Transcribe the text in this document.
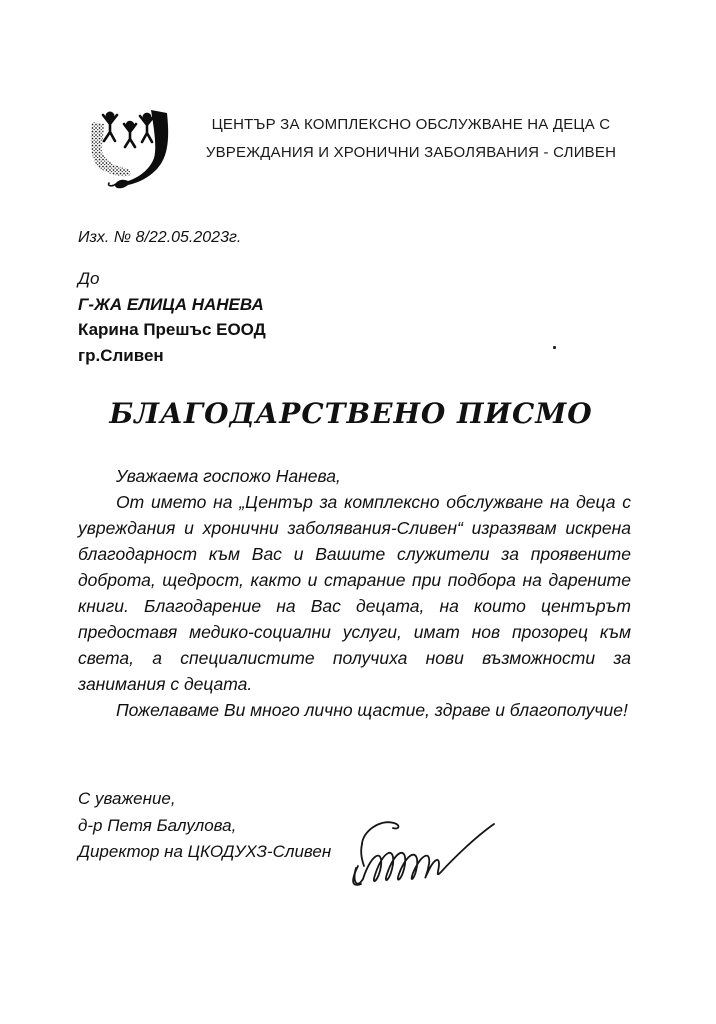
ЦЕНТЪР ЗА КОМПЛЕКСНО ОБСЛУЖВАНЕ НА ДЕЦА С
УВРЕЖДАНИЯ И ХРОНИЧНИ ЗАБОЛЯВАНИЯ - СЛИВЕН
Изх. № 8/22.05.2023г.
До
Г-ЖА ЕЛИЦА НАНЕВА
Карина Прешъс ЕООД
гр.Сливен
БЛАГОДАРСТВЕНО ПИСМО

Уважаема госпожо Нанева,

От името на „Център за комплексно обслужване на деца с увреждания и хронични заболявания-Сливен“ изразявам искрена благодарност към Вас и Вашите служители за проявените доброта, щедрост, както и старание при подбора на дарените книги. Благодарение на Вас децата, на които центърът предоставя медико-социални услуги, имат нов прозорец към света, а специалистите получиха нови възможности за занимания с децата.

Пожелаваме Ви много лично щастие, здраве и благополучие!

С уважение,
д-р Петя Балулова,
Директор на ЦКОДУХЗ-Сливен
